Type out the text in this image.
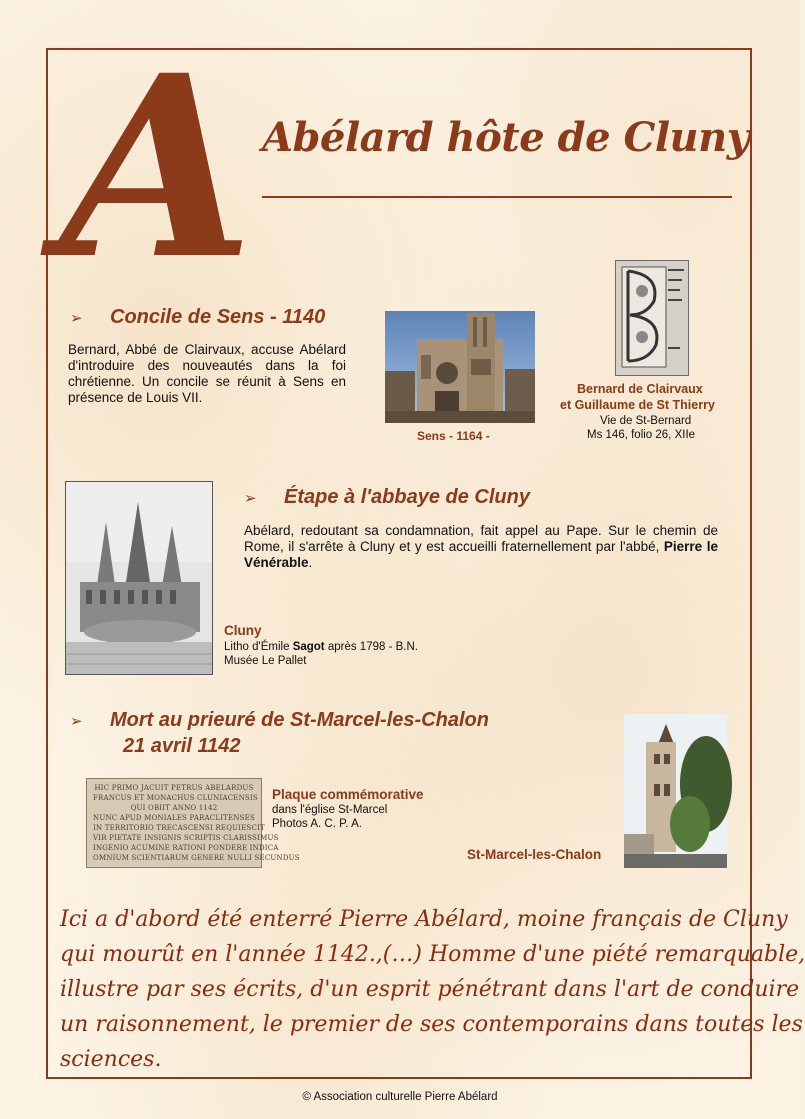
A Abélard hôte de Cluny
➢ Concile de Sens - 1140
Bernard, Abbé de Clairvaux, accuse Abélard d'introduire des nouveautés dans la foi chrétienne. Un concile se réunit à Sens en présence de Louis VII.
Sens - 1164 -
Bernard de Clairvaux
et Guillaume de St Thierry
Vie de St-Bernard
Ms 146, folio 26, XIIe
➢ Étape à l'abbaye de Cluny
Abélard, redoutant sa condamnation, fait appel au Pape. Sur le chemin de Rome, il s'arrête à Cluny et y est accueilli fraternellement par l'abbé, Pierre le Vénérable.
Cluny
Litho d'Émile Sagot après 1798 - B.N.
Musée Le Pallet
➢ Mort au prieuré de St-Marcel-les-Chalon
21 avril 1142
HIC PRIMO JACUIT PETRUS ABELARDUS
FRANCUS ET MONACHUS CLUNIACENSIS
QUI OBIIT ANNO 1142
NUNC APUD MONIALES PARACLITENSES
IN TERRITORIO TRECASCENSI REQUIESCIT
VIR PIETATE INSIGNIS SCRIPTIS CLARISSIMUS
INGENIO ACUMINE RATIONI PONDERE INDICA
OMNIUM SCIENTIARUM GENERE NULLI SECUNDUS
Plaque commémorative
dans l'église St-Marcel
Photos A. C. P. A.
St-Marcel-les-Chalon
Ici a d'abord été enterré Pierre Abélard, moine français de Cluny
qui mourût en l'année 1142.,(…) Homme d'une piété remarquable,
illustre par ses écrits, d'un esprit pénétrant dans l'art de conduire
un raisonnement, le premier de ses contemporains dans toutes les
sciences.
© Association culturelle Pierre Abélard
